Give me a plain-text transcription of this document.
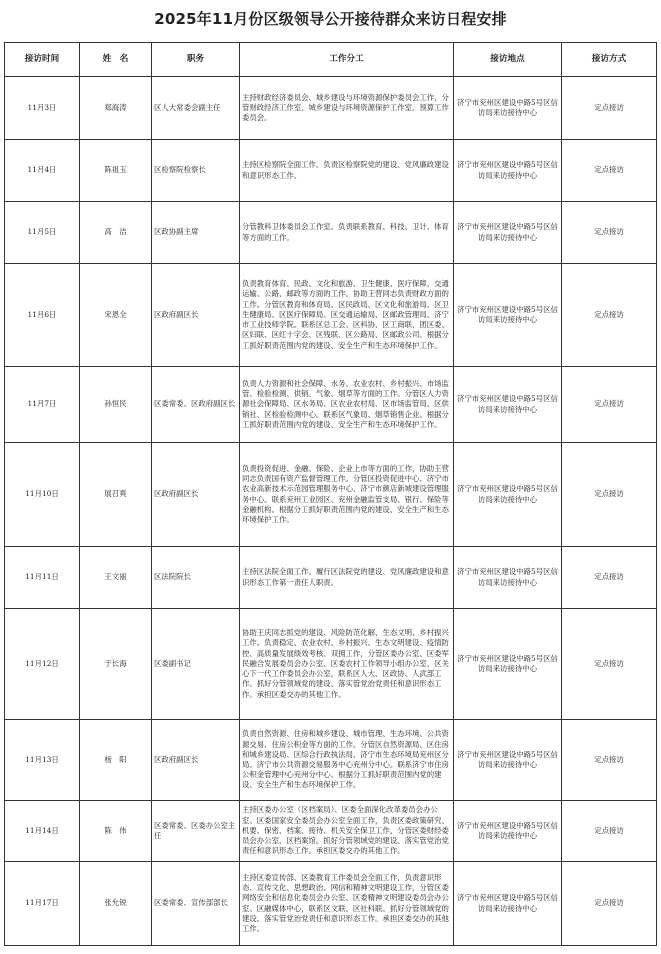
2025年11月份区级领导公开接待群众来访日程安排
接访时间	姓　名	职务	工作分工	接访地点	接访方式
11月3日	郑海涛	区人大常委会副主任	主持财政经济委员会、城乡建设与环境资源保护委员会工作，分管财政经济工作室、城乡建设与环境资源保护工作室、预算工作委员会。	济宁市兖州区建设中路5号区信访局来访接待中心	定点接访
11月4日	陈祖玉	区检察院检察长	主持区检察院全面工作。负责区检察院党的建设、党风廉政建设和意识形态工作。	济宁市兖州区建设中路5号区信访局来访接待中心	定点接访
11月5日	高　洁	区政协副主席	分管教科卫体委员会工作室。负责联系教育、科技、卫计、体育等方面的工作。	济宁市兖州区建设中路5号区信访局来访接待中心	定点接访
11月6日	宋恩全	区政府副区长	负责教育体育、民政、文化和旅游、卫生健康、医疗保障、交通运输、公路、邮政等方面的工作。协助王营同志负责财政方面的工作。分管区教育和体育局、区民政局、区文化和旅游局、区卫生健康局、区医疗保障局、区交通运输局、区邮政管理局、济宁市工业技师学院。联系区总工会、区科协、区工商联、团区委、区妇联、区红十字会、区残联、区公路局、区邮政公司。根据分工抓好职责范围内党的建设、安全生产和生态环境保护工作。	济宁市兖州区建设中路5号区信访局来访接待中心	定点接访
11月7日	孙恒民	区委常委、区政府副区长	负责人力资源和社会保障、水务、农业农村、乡村振兴、市场监管、检验检测、供销、气象、烟草等方面的工作。分管区人力资源社会保障局、区水务局、区农业农村局、区市场监管局、区供销社、区检验检测中心。联系区气象局、烟草销售企业。根据分工抓好职责范围内党的建设、安全生产和生态环境保护工作。	济宁市兖州区建设中路5号区信访局来访接待中心	定点接访
11月10日	展召爽	区政府副区长	负责投资促进、金融、保险、企业上市等方面的工作，协助王营同志负责国有资产监督管理工作。分管区投资促进中心、济宁市农业高新技术示范园管理服务中心、济宁市颜店新城建设管理服务中心。联系兖州工业园区、兖州金融监管支局、银行、保险等金融机构。根据分工抓好职责范围内党的建设、安全生产和生态环境保护工作。	济宁市兖州区建设中路5号区信访局来访接待中心	定点接访
11月11日	王文丽	区法院院长	主持区法院全面工作。履行区法院党的建设、党风廉政建设和意识形态工作第一责任人职责。	济宁市兖州区建设中路5号区信访局来访接待中心	定点接访
11月12日	于长海	区委副书记	协助王庆同志抓党的建设、风险防范化解、生态文明、乡村振兴工作。负责稳定、农业农村、乡村振兴、生态文明建设、疫情防控、高质量发展绩效考核、双拥工作，分管区委办公室、区委军民融合发展委员会办公室、区委农村工作领导小组办公室、区关心下一代工作委员会办公室，联系区人大、区政协、人武部工作。抓好分管领域党的建设、落实管党治党责任和意识形态工作。承担区委交办的其他工作。	济宁市兖州区建设中路5号区信访局来访接待中心	定点接访
11月13日	杨　阳	区政府副区长	负责自然资源、住房和城乡建设、城市管理、生态环境、公共资源交易、住房公积金等方面的工作。分管区自然资源局、区住房和城乡建设局、区综合行政执法局、济宁市生态环境局兖州区分局、济宁市公共资源交易服务中心兖州分中心。联系济宁市住房公积金管理中心兖州分中心。根据分工抓好职责范围内党的建设、安全生产和生态环境保护工作。	济宁市兖州区建设中路5号区信访局来访接待中心	定点接访
11月14日	陈　伟	区委常委、区委办公室主任	主持区委办公室（区档案局）、区委全面深化改革委员会办公室、区委国家安全委员会办公室全面工作，负责区委政策研究、机要、保密、档案、接待、机关安全保卫工作，分管区委财经委员会办公室、区档案馆。抓好分管领域党的建设、落实管党治党责任和意识形态工作。承担区委交办的其他工作。	济宁市兖州区建设中路5号区信访局来访接待中心	定点接访
11月17日	张允锐	区委常委、宣传部部长	主持区委宣传部、区委教育工作委员会全面工作，负责意识形态、宣传文化、思想政治、网信和精神文明建设工作，分管区委网络安全和信息化委员会办公室、区委精神文明建设委员会办公室、区融媒体中心，联系区文联、区社科联。抓好分管领域党的建设、落实管党治党责任和意识形态工作。承担区委交办的其他工作。	济宁市兖州区建设中路5号区信访局来访接待中心	定点接访
